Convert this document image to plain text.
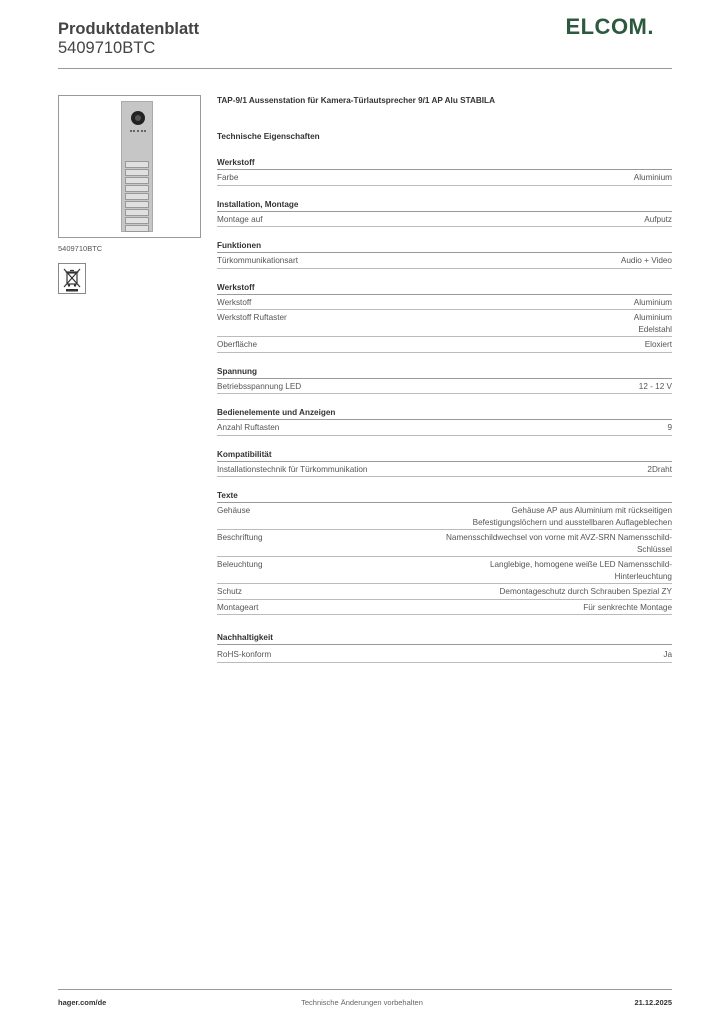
Produktdatenblatt
5409710BTC
ELCOM.
5409710BTC
TAP-9/1 Aussenstation für Kamera-Türlautsprecher 9/1 AP Alu STABILA
Technische Eigenschaften
Werkstoff
Farbe	Aluminium
Installation, Montage
Montage auf	Aufputz
Funktionen
Türkommunikationsart	Audio + Video
Werkstoff
Werkstoff	Aluminium
Werkstoff Ruftaster	Aluminium
Edelstahl
Oberfläche	Eloxiert
Spannung
Betriebsspannung LED	12 - 12 V
Bedienelemente und Anzeigen
Anzahl Ruftasten	9
Kompatibilität
Installationstechnik für Türkommunikation	2Draht
Texte
Gehäuse	Gehäuse AP aus Aluminium mit rückseitigen
Befestigungslöchern und ausstellbaren Auflageblechen
Beschriftung	Namensschildwechsel von vorne mit AVZ-SRN Namensschild-
Schlüssel
Beleuchtung	Langlebige, homogene weiße LED Namensschild-
Hinterleuchtung
Schutz	Demontageschutz durch Schrauben Spezial ZY
Montageart	Für senkrechte Montage
Nachhaltigkeit
RoHS-konform	Ja
hager.com/de	Technische Änderungen vorbehalten	21.12.2025
